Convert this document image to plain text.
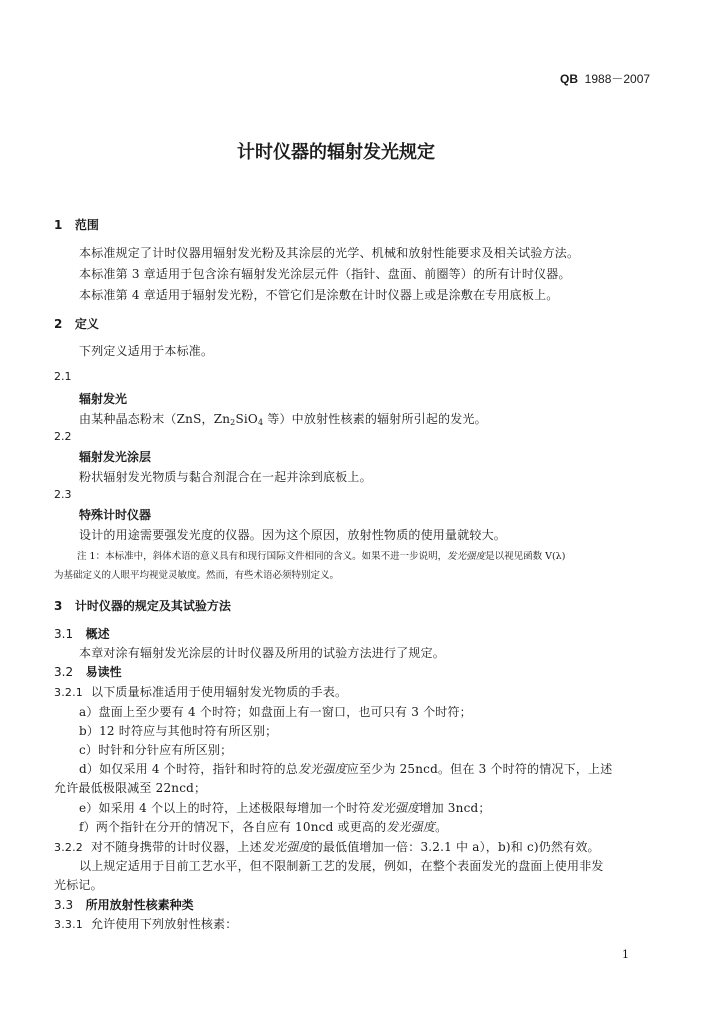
QB 1988－2007
计时仪器的辐射发光规定
1 范围
本标准规定了计时仪器用辐射发光粉及其涂层的光学、机械和放射性能要求及相关试验方法。
本标准第 3 章适用于包含涂有辐射发光涂层元件（指针、盘面、前圈等）的所有计时仪器。
本标准第 4 章适用于辐射发光粉，不管它们是涂敷在计时仪器上或是涂敷在专用底板上。
2 定义
下列定义适用于本标准。
2.1
辐射发光
由某种晶态粉末（ZnS，$Zn_2SiO_4$ 等）中放射性核素的辐射所引起的发光。
2.2
辐射发光涂层
粉状辐射发光物质与黏合剂混合在一起并涂到底板上。
2.3
特殊计时仪器
设计的用途需要强发光度的仪器。因为这个原因，放射性物质的使用量就较大。
注 1：本标准中，斜体术语的意义具有和现行国际文件相同的含义。如果不进一步说明，发光强度是以视见函数 V(λ)
为基础定义的人眼平均视觉灵敏度。然而，有些术语必须特别定义。
3 计时仪器的规定及其试验方法
3.1 概述
本章对涂有辐射发光涂层的计时仪器及所用的试验方法进行了规定。
3.2 易读性
3.2.1 以下质量标准适用于使用辐射发光物质的手表。
a）盘面上至少要有 4 个时符；如盘面上有一窗口，也可只有 3 个时符；
b）12 时符应与其他时符有所区别；
c）时针和分针应有所区别；
d）如仅采用 4 个时符，指针和时符的总发光强度应至少为 25ncd。但在 3 个时符的情况下，上述
允许最低极限减至 22ncd；
e）如采用 4 个以上的时符，上述极限每增加一个时符发光强度增加 3ncd；
f）两个指针在分开的情况下，各自应有 10ncd 或更高的发光强度。
3.2.2 对不随身携带的计时仪器，上述发光强度的最低值增加一倍：3.2.1 中 a），b)和 c)仍然有效。
以上规定适用于目前工艺水平，但不限制新工艺的发展，例如，在整个表面发光的盘面上使用非发
光标记。
3.3 所用放射性核素种类
3.3.1 允许使用下列放射性核素：
1
